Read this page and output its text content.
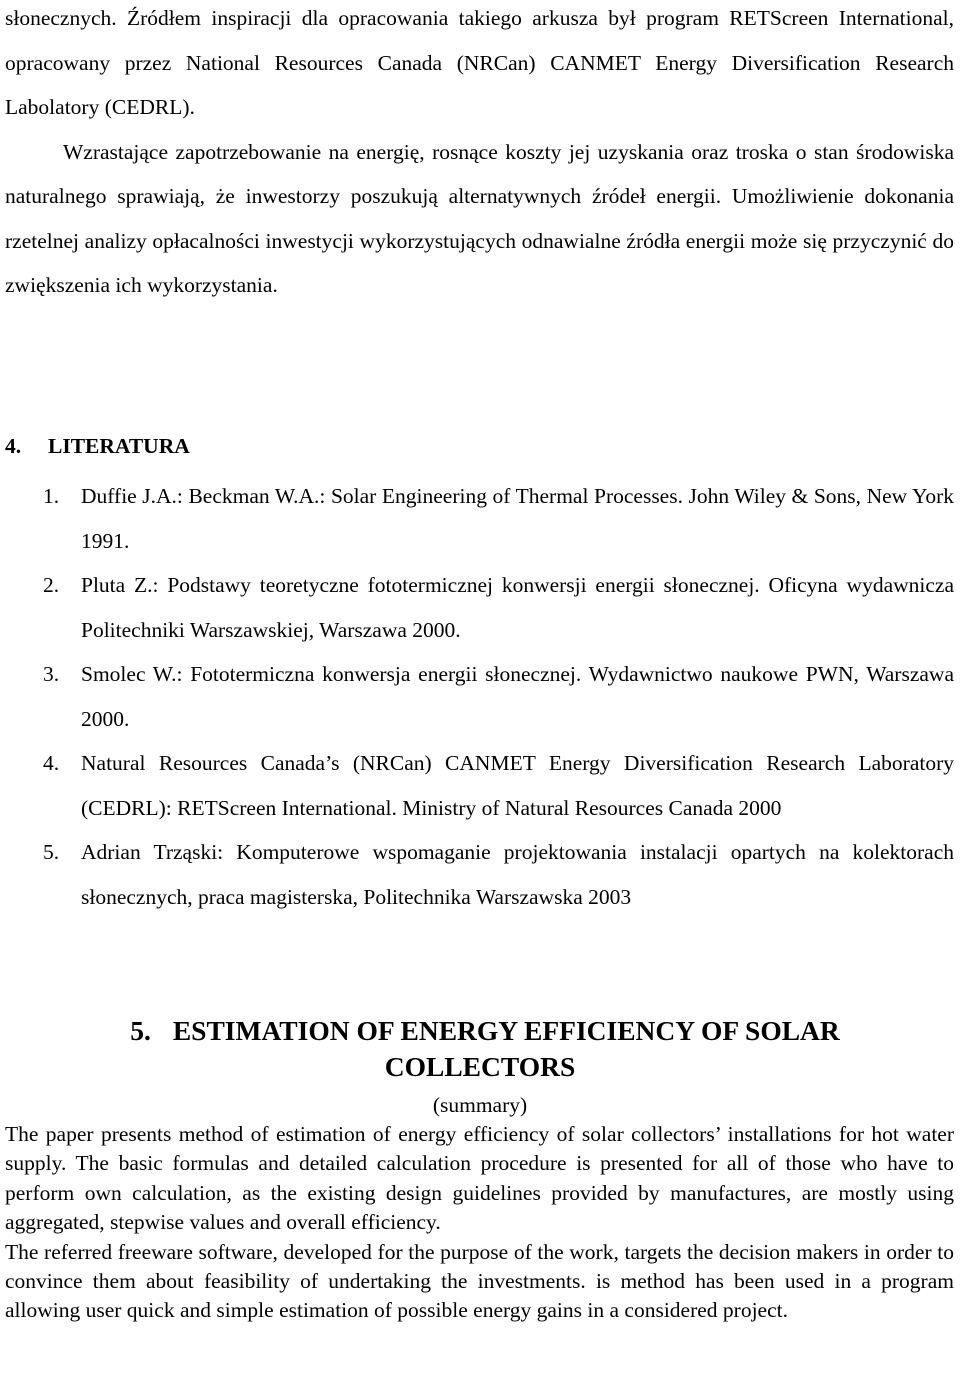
słonecznych. Źródłem inspiracji dla opracowania takiego arkusza był program RETScreen International, opracowany przez National Resources Canada (NRCan) CANMET Energy Diversification Research Labolatory (CEDRL).

Wzrastające zapotrzebowanie na energię, rosnące koszty jej uzyskania oraz troska o stan środowiska naturalnego sprawiają, że inwestorzy poszukują alternatywnych źródeł energii. Umożliwienie dokonania rzetelnej analizy opłacalności inwestycji wykorzystujących odnawialne źródła energii może się przyczynić do zwiększenia ich wykorzystania.

4. LITERATURA
1. Duffie J.A.: Beckman W.A.: Solar Engineering of Thermal Processes. John Wiley & Sons, New York 1991.
2. Pluta Z.: Podstawy teoretyczne fototermicznej konwersji energii słonecznej. Oficyna wydawnicza Politechniki Warszawskiej, Warszawa 2000.
3. Smolec W.: Fototermiczna konwersja energii słonecznej. Wydawnictwo naukowe PWN, Warszawa 2000.
4. Natural Resources Canada’s (NRCan) CANMET Energy Diversification Research Laboratory (CEDRL): RETScreen International. Ministry of Natural Resources Canada 2000
5. Adrian Trząski: Komputerowe wspomaganie projektowania instalacji opartych na kolektorach słonecznych, praca magisterska, Politechnika Warszawska 2003
5. ESTIMATION OF ENERGY EFFICIENCY OF SOLAR
COLLECTORS

(summary)

The paper presents method of estimation of energy efficiency of solar collectors’ installations for hot water supply. The basic formulas and detailed calculation procedure is presented for all of those who have to perform own calculation, as the existing design guidelines provided by manufactures, are mostly using aggregated, stepwise values and overall efficiency.

The referred freeware software, developed for the purpose of the work, targets the decision makers in order to convince them about feasibility of undertaking the investments. is method has been used in a program allowing user quick and simple estimation of possible energy gains in a considered project.
